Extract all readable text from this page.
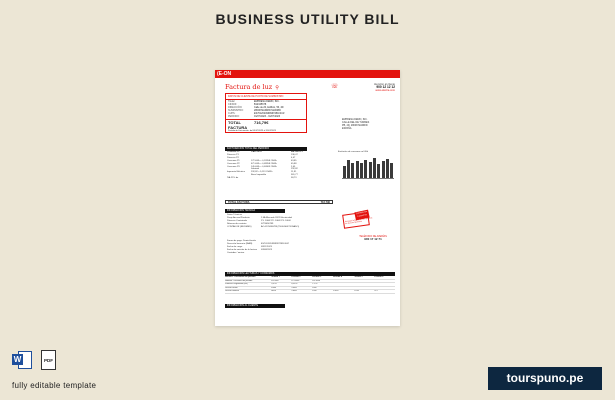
BUSINESS UTILITY BILL
(E-ON
Factura de luz ⚲	☏	Atención al cliente
900 12 12 12
www.electra.com
DATOS DE CLIENTE DE PUNTO DE SUMINISTRO
Titular:	EMPRESA DEMO, INC.
CIF/NIF:	B12345678
DIRECCIÓN:	Calle de 20, Edificio, 56, 4D
SUMINISTRO:	28008 MADRID MADRID
CUPS:	ES7012024999997281F4UZ
PERIODO:	01/07/2023 - 31/07/2023
TOTAL FACTURA
716,79€
Período de Facturación: del 01/07/2023 al 31/07/2023
EMPRESA DEMO, INC.
CALLE DEL DE TURRES
PB, 4D, 28008 MADRID
ESPAÑA
FACTURACIÓN TOTAL DEL PERIODO
CONCEPTO	CALCULO	IMPORTE €
Potencia P1	136,47
Potencia P2	4,07
Consumo P1	172 kWh × 0,13958 €/kWh	43,85
Consumo P2	671 kWh × 0,09958 €/kWh	45,88
Consumo P3	145 kWh × 0,00963 €/kWh	2,45
Subtotal	232,82
Impuesto Eléctrico	232,82 × 5,113 €/kWh	11,91
Base Imponible	361,77
IVA 21% de	58,73
Evolución de consumo en kWh
TOTAL FACTURA	716,79€
INFORMACIÓN TÉCNICA
Datos Técnicos
Peaje Acceso/Producto	2.0A Mercado 2022 Electricidad
Potencia Contratada	P1: 10kW P2: 10kW P3: 10kW
Número de contrato	0723456789
CONTADOR (RED/MED)	AC-0123456789 (TELEGESTIONADO)
Forma de pago: Domiciliación
Dirección bancaria (IBAN)	ES7012024999997281F4UZ
Fecha de cargo	09/11/2023
Fecha de emisión de la factura	03/08/2023
Contador / emisor
Consulta tus Consumos
Descarga la App de E-ON y gestiona tus facturas fácilmente
TELÉFONO DE AVERÍAS
900 17 12 71
INFORMACIÓN LECTURAS Y CONSUMOS
Nombre: Consumos del periodo	Periodo 1	Periodo 2	Periodo 3	Periodo 4	Periodo 5	Periodo 6
Nombre: Consumo del periodo	812 kWh	671 kWh	145 kWh
Potencia Registrada (kW)	7,50 ct	8,50 ct	C 9 ct
Lectura actual	12000	15000	2000
Lectura anterior	11000	13000	1900	17000	17235	375
INFORMACIÓN AL CLIENTE
W	PDF
fully editable template
tourspuno.pe
